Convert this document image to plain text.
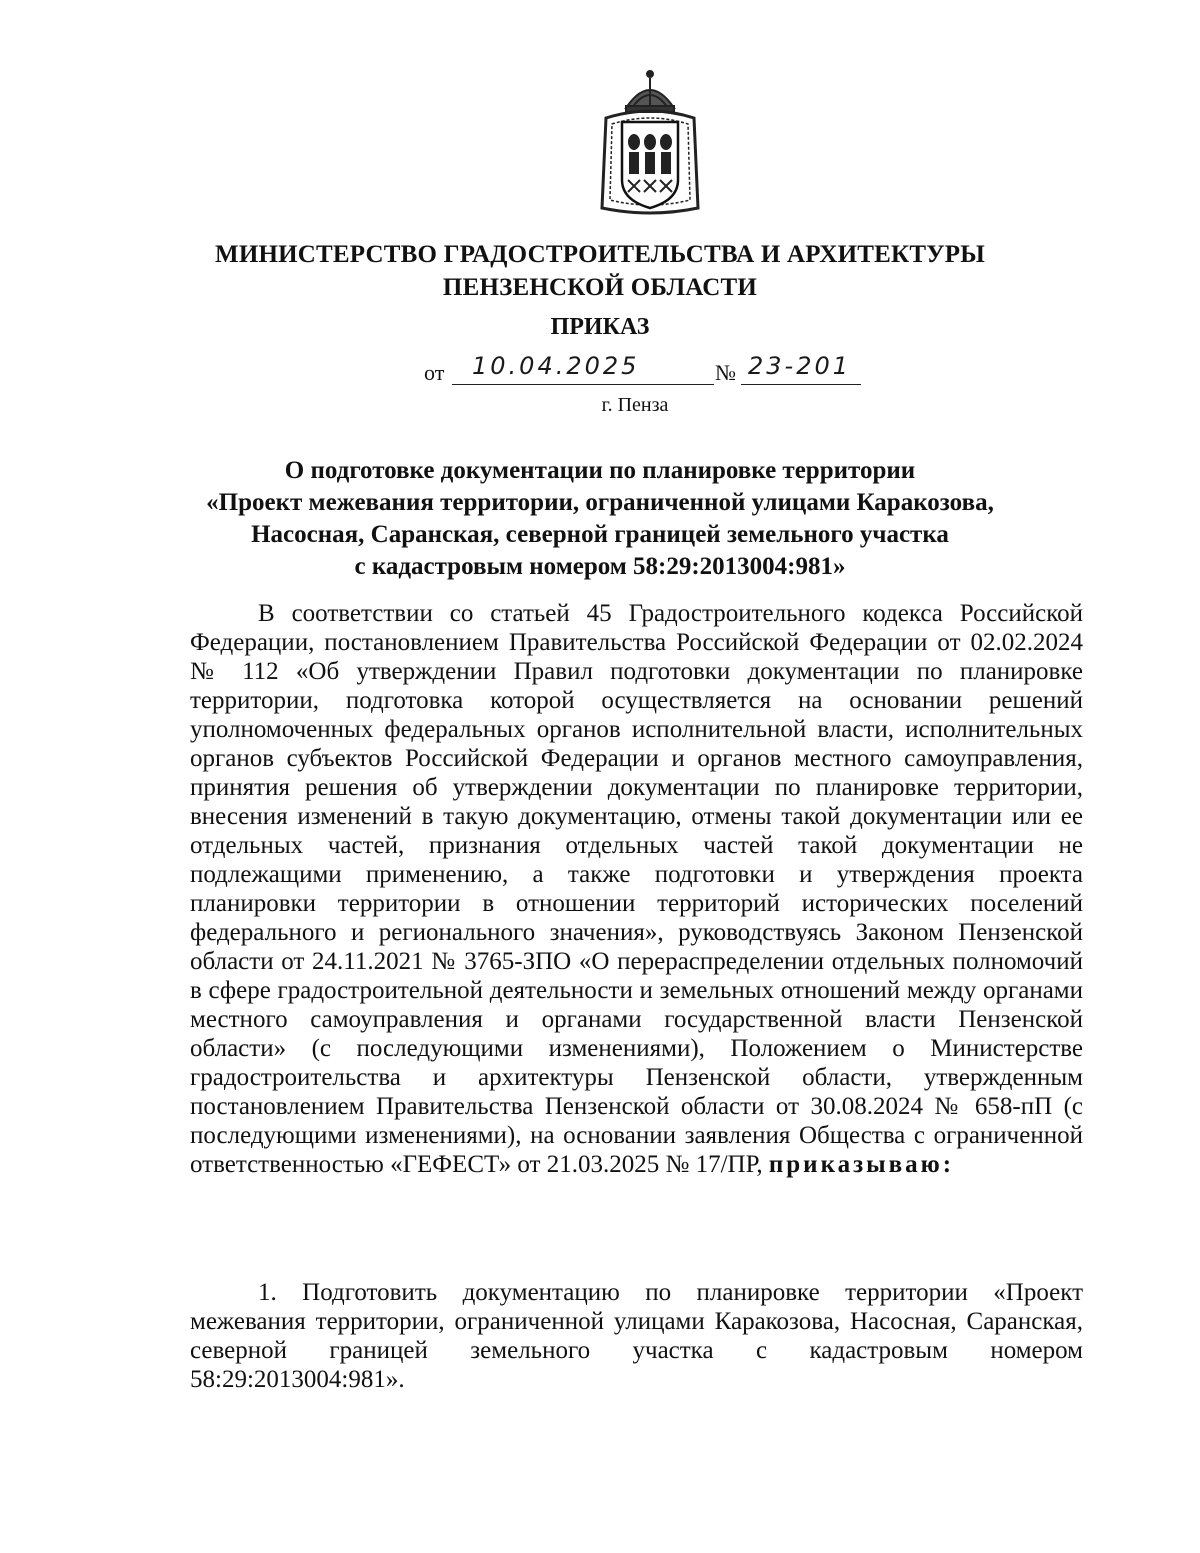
МИНИСТЕРСТВО ГРАДОСТРОИТЕЛЬСТВА И АРХИТЕКТУРЫ
ПЕНЗЕНСКОЙ ОБЛАСТИ
ПРИКАЗ
от 10.04.2025	№ 23-201
г. Пенза
О подготовке документации по планировке территории
«Проект межевания территории, ограниченной улицами Каракозова,
Насосная, Саранская, северной границей земельного участка
с кадастровым номером 58:29:2013004:981»
В соответствии со статьей 45 Градостроительного кодекса Российской Федерации, постановлением Правительства Российской Федерации от 02.02.2024 № 112 «Об утверждении Правил подготовки документации по планировке территории, подготовка которой осуществляется на основании решений уполномоченных федеральных органов исполнительной власти, исполнительных органов субъектов Российской Федерации и органов местного самоуправления, принятия решения об утверждении документации по планировке территории, внесения изменений в такую документацию, отмены такой документации или ее отдельных частей, признания отдельных частей такой документации не подлежащими применению, а также подготовки и утверждения проекта планировки территории в отношении территорий исторических поселений федерального и регионального значения», руководствуясь Законом Пензенской области от 24.11.2021 № 3765-ЗПО «О перераспределении отдельных полномочий в сфере градостроительной деятельности и земельных отношений между органами местного самоуправления и органами государственной власти Пензенской области» (с последующими изменениями), Положением о Министерстве градостроительства и архитектуры Пензенской области, утвержденным постановлением Правительства Пензенской области от 30.08.2024 № 658-пП (с последующими изменениями), на основании заявления Общества с ограниченной ответственностью «ГЕФЕСТ» от 21.03.2025 № 17/ПР, приказываю:
1. Подготовить документацию по планировке территории «Проект межевания территории, ограниченной улицами Каракозова, Насосная, Саранская, северной границей земельного участка с кадастровым номером 58:29:2013004:981».
